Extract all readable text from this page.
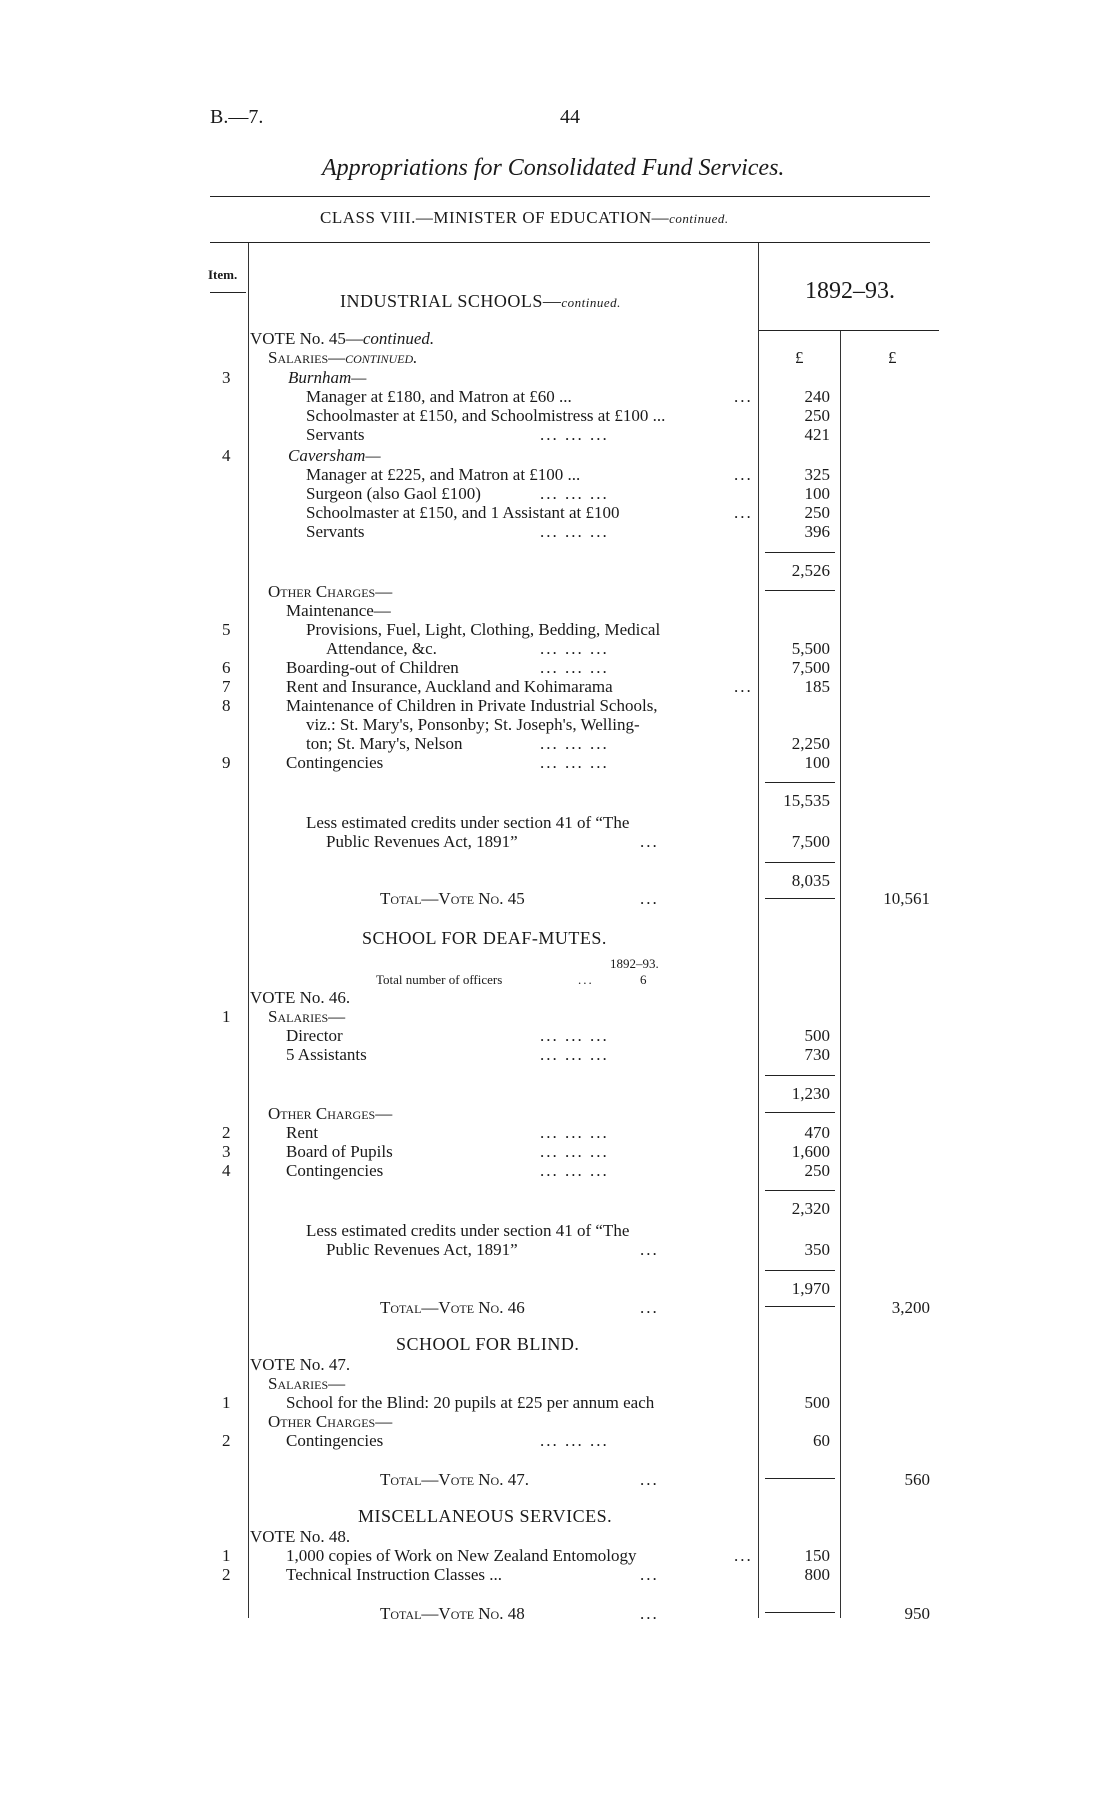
B.—7.	44
Appropriations for Consolidated Fund Services.
CLASS VIII.—MINISTER OF EDUCATION—continued.
Item.
1892–93.
£	£
INDUSTRIAL SCHOOLS—continued.
VOTE No. 45—continued.
Salaries—continued.
3	Burnham—
Manager at £180, and Matron at £60 ...	...	240
Schoolmaster at £150, and Schoolmistress at £100 ...	250
Servants	... ... ...	421
4	Caversham—
Manager at £225, and Matron at £100 ...	...	325
Surgeon (also Gaol £100)	... ... ...	100
Schoolmaster at £150, and 1 Assistant at £100	...	250
Servants	... ... ...	396
2,526
Other Charges—
Maintenance—
5	Provisions, Fuel, Light, Clothing, Bedding, Medical
Attendance, &c.	... ... ...	5,500
6	Boarding-out of Children	... ... ...	7,500
7	Rent and Insurance, Auckland and Kohimarama	...	185
8	Maintenance of Children in Private Industrial Schools,
viz.: St. Mary's, Ponsonby; St. Joseph's, Welling-
ton; St. Mary's, Nelson	... ... ...	2,250
9	Contingencies	... ... ...	100
15,535
Less estimated credits under section 41 of “The
Public Revenues Act, 1891”	...	7,500
8,035
Total—Vote No. 45	...	10,561
SCHOOL FOR DEAF-MUTES.
1892–93.
Total number of officers	...	6
VOTE No. 46.
1 Salaries—
Director	... ... ...	500
5 Assistants	... ... ...	730
1,230
Other Charges—
2	Rent	... ... ...	470
3	Board of Pupils	... ... ...	1,600
4	Contingencies	... ... ...	250
2,320
Less estimated credits under section 41 of “The
Public Revenues Act, 1891”	...	350
1,970
Total—Vote No. 46	...	3,200
SCHOOL FOR BLIND.
VOTE No. 47.
Salaries—
1	School for the Blind: 20 pupils at £25 per annum each	500
Other Charges—
2	Contingencies	... ... ...	60
Total—Vote No. 47.	...	560
MISCELLANEOUS SERVICES.
VOTE No. 48.
1	1,000 copies of Work on New Zealand Entomology	...	150
2	Technical Instruction Classes ...	...	800
Total—Vote No. 48	...	950
